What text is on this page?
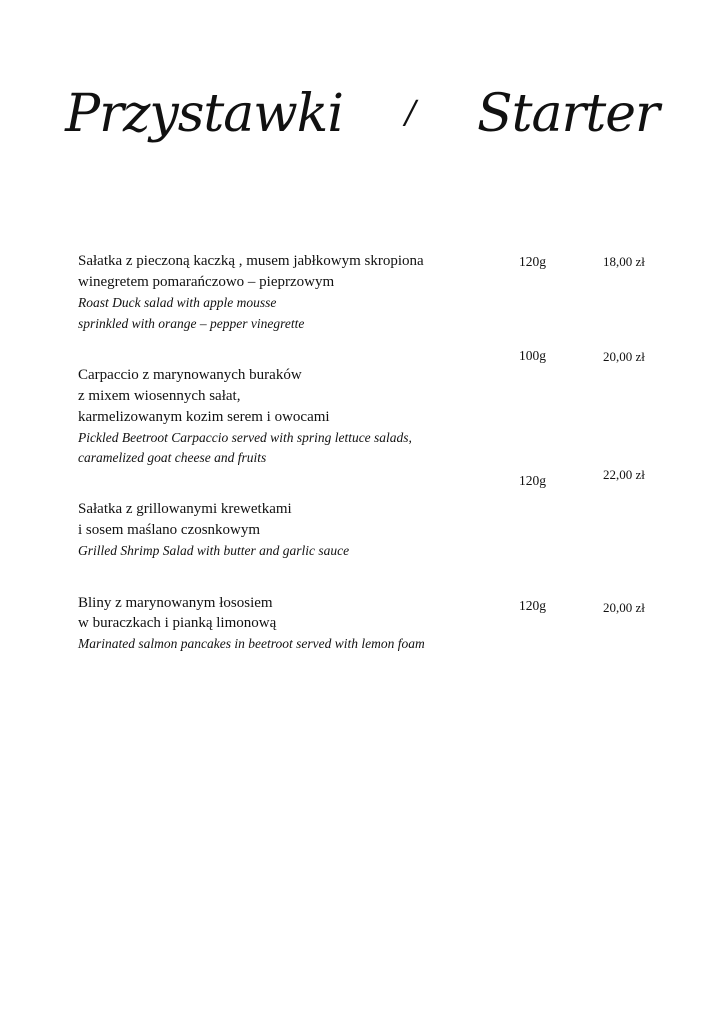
Przystawki / Starter
Sałatka z pieczoną kaczką , musem jabłkowym skropiona
winegretem pomarańczowo – pieprzowym
Roast Duck salad with apple mousse
sprinkled with orange – pepper vinegrette
120g	18,00 zł
Carpaccio z marynowanych buraków
z mixem wiosennych sałat,
karmelizowanym kozim serem i owocami
Pickled Beetroot Carpaccio served with spring lettuce salads,
caramelized goat cheese and fruits
100g	20,00 zł
Sałatka z grillowanymi krewetkami
i sosem maślano czosnkowym
Grilled Shrimp Salad with butter and garlic sauce
120g	22,00 zł
Bliny z marynowanym łososiem
w buraczkach i pianką limonową
Marinated salmon pancakes in beetroot served with lemon foam
120g	20,00 zł
